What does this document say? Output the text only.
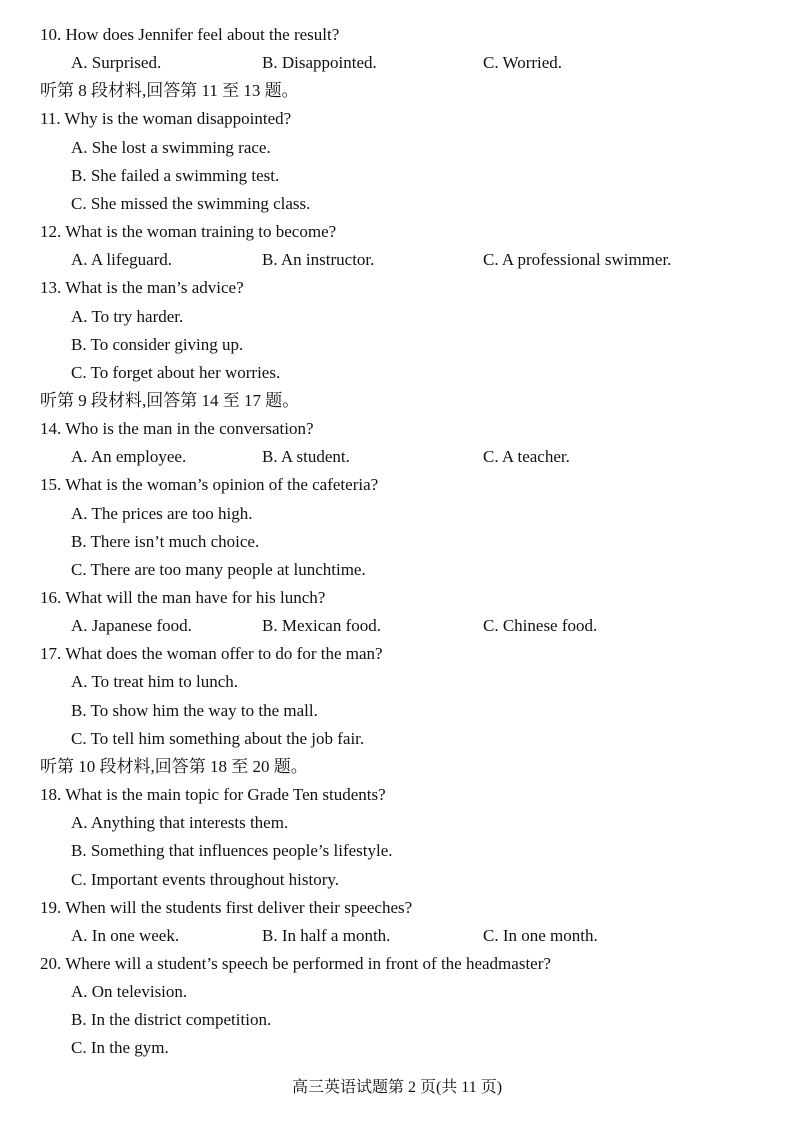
10. How does Jennifer feel about the result?
A. Surprised.	B. Disappointed.	C. Worried.
听第 8 段材料,回答第 11 至 13 题。
11. Why is the woman disappointed?
A. She lost a swimming race.
B. She failed a swimming test.
C. She missed the swimming class.
12. What is the woman training to become?
A. A lifeguard.	B. An instructor.	C. A professional swimmer.
13. What is the man’s advice?
A. To try harder.
B. To consider giving up.
C. To forget about her worries.
听第 9 段材料,回答第 14 至 17 题。
14. Who is the man in the conversation?
A. An employee.	B. A student.	C. A teacher.
15. What is the woman’s opinion of the cafeteria?
A. The prices are too high.
B. There isn’t much choice.
C. There are too many people at lunchtime.
16. What will the man have for his lunch?
A. Japanese food.	B. Mexican food.	C. Chinese food.
17. What does the woman offer to do for the man?
A. To treat him to lunch.
B. To show him the way to the mall.
C. To tell him something about the job fair.
听第 10 段材料,回答第 18 至 20 题。
18. What is the main topic for Grade Ten students?
A. Anything that interests them.
B. Something that influences people’s lifestyle.
C. Important events throughout history.
19. When will the students first deliver their speeches?
A. In one week.	B. In half a month.	C. In one month.
20. Where will a student’s speech be performed in front of the headmaster?
A. On television.
B. In the district competition.
C. In the gym.
高三英语试题第 2 页(共 11 页)
